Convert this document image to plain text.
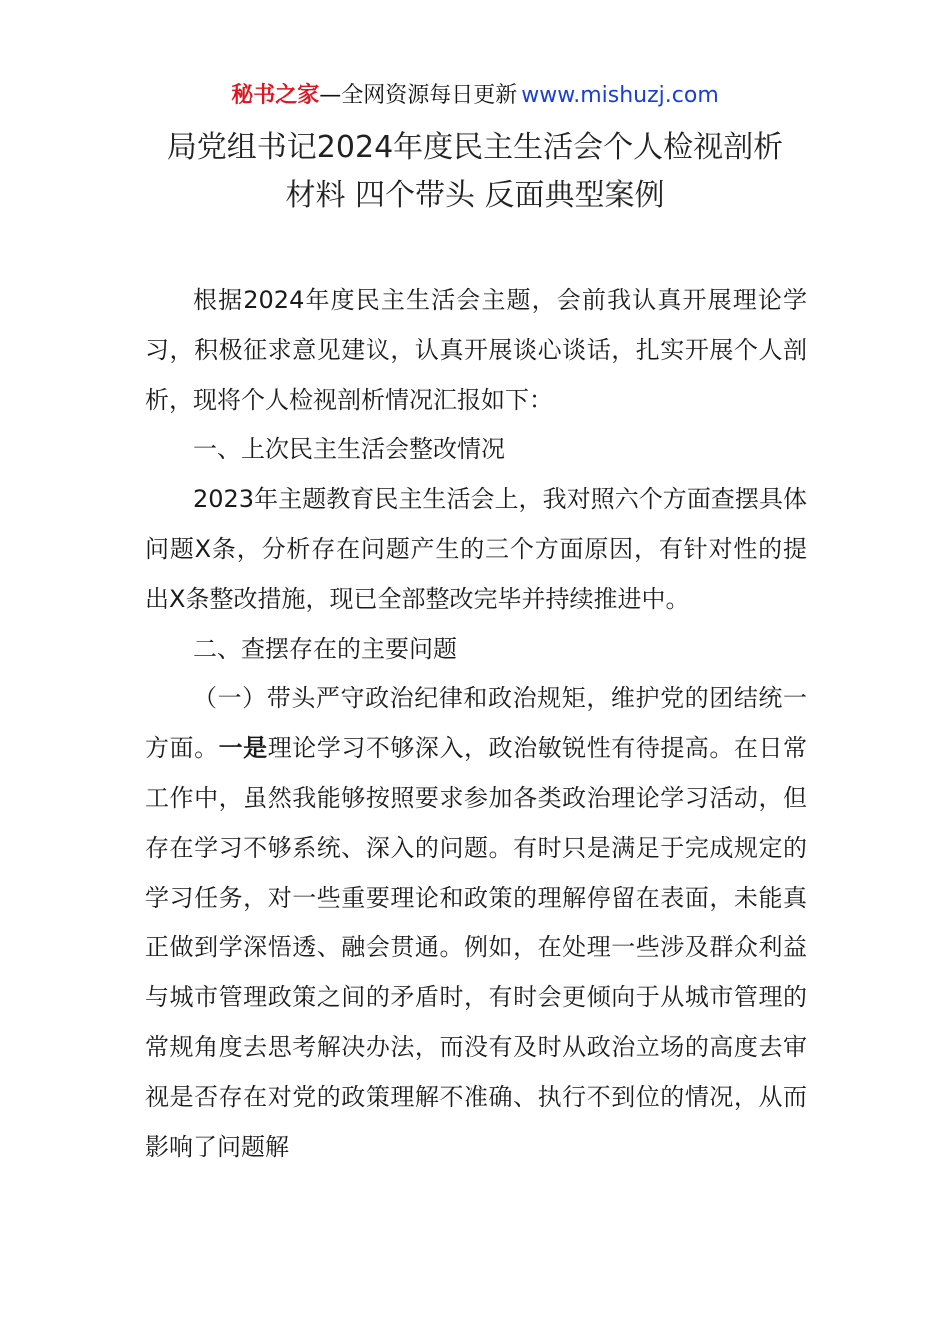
秘书之家—全网资源每日更新 www.mishuzj.com
局党组书记2024年度民主生活会个人检视剖析
材料 四个带头 反面典型案例

根据2024年度民主生活会主题，会前我认真开展理论学习，积极征求意见建议，认真开展谈心谈话，扎实开展个人剖析，现将个人检视剖析情况汇报如下：

一、上次民主生活会整改情况

2023年主题教育民主生活会上，我对照六个方面查摆具体问题X条，分析存在问题产生的三个方面原因，有针对性的提出X条整改措施，现已全部整改完毕并持续推进中。

二、查摆存在的主要问题

（一）带头严守政治纪律和政治规矩，维护党的团结统一方面。一是理论学习不够深入，政治敏锐性有待提高。在日常工作中，虽然我能够按照要求参加各类政治理论学习活动，但存在学习不够系统、深入的问题。有时只是满足于完成规定的学习任务，对一些重要理论和政策的理解停留在表面，未能真正做到学深悟透、融会贯通。例如，在处理一些涉及群众利益与城市管理政策之间的矛盾时，有时会更倾向于从城市管理的常规角度去思考解决办法，而没有及时从政治立场的高度去审视是否存在对党的政策理解不准确、执行不到位的情况，从而影响了问题解
